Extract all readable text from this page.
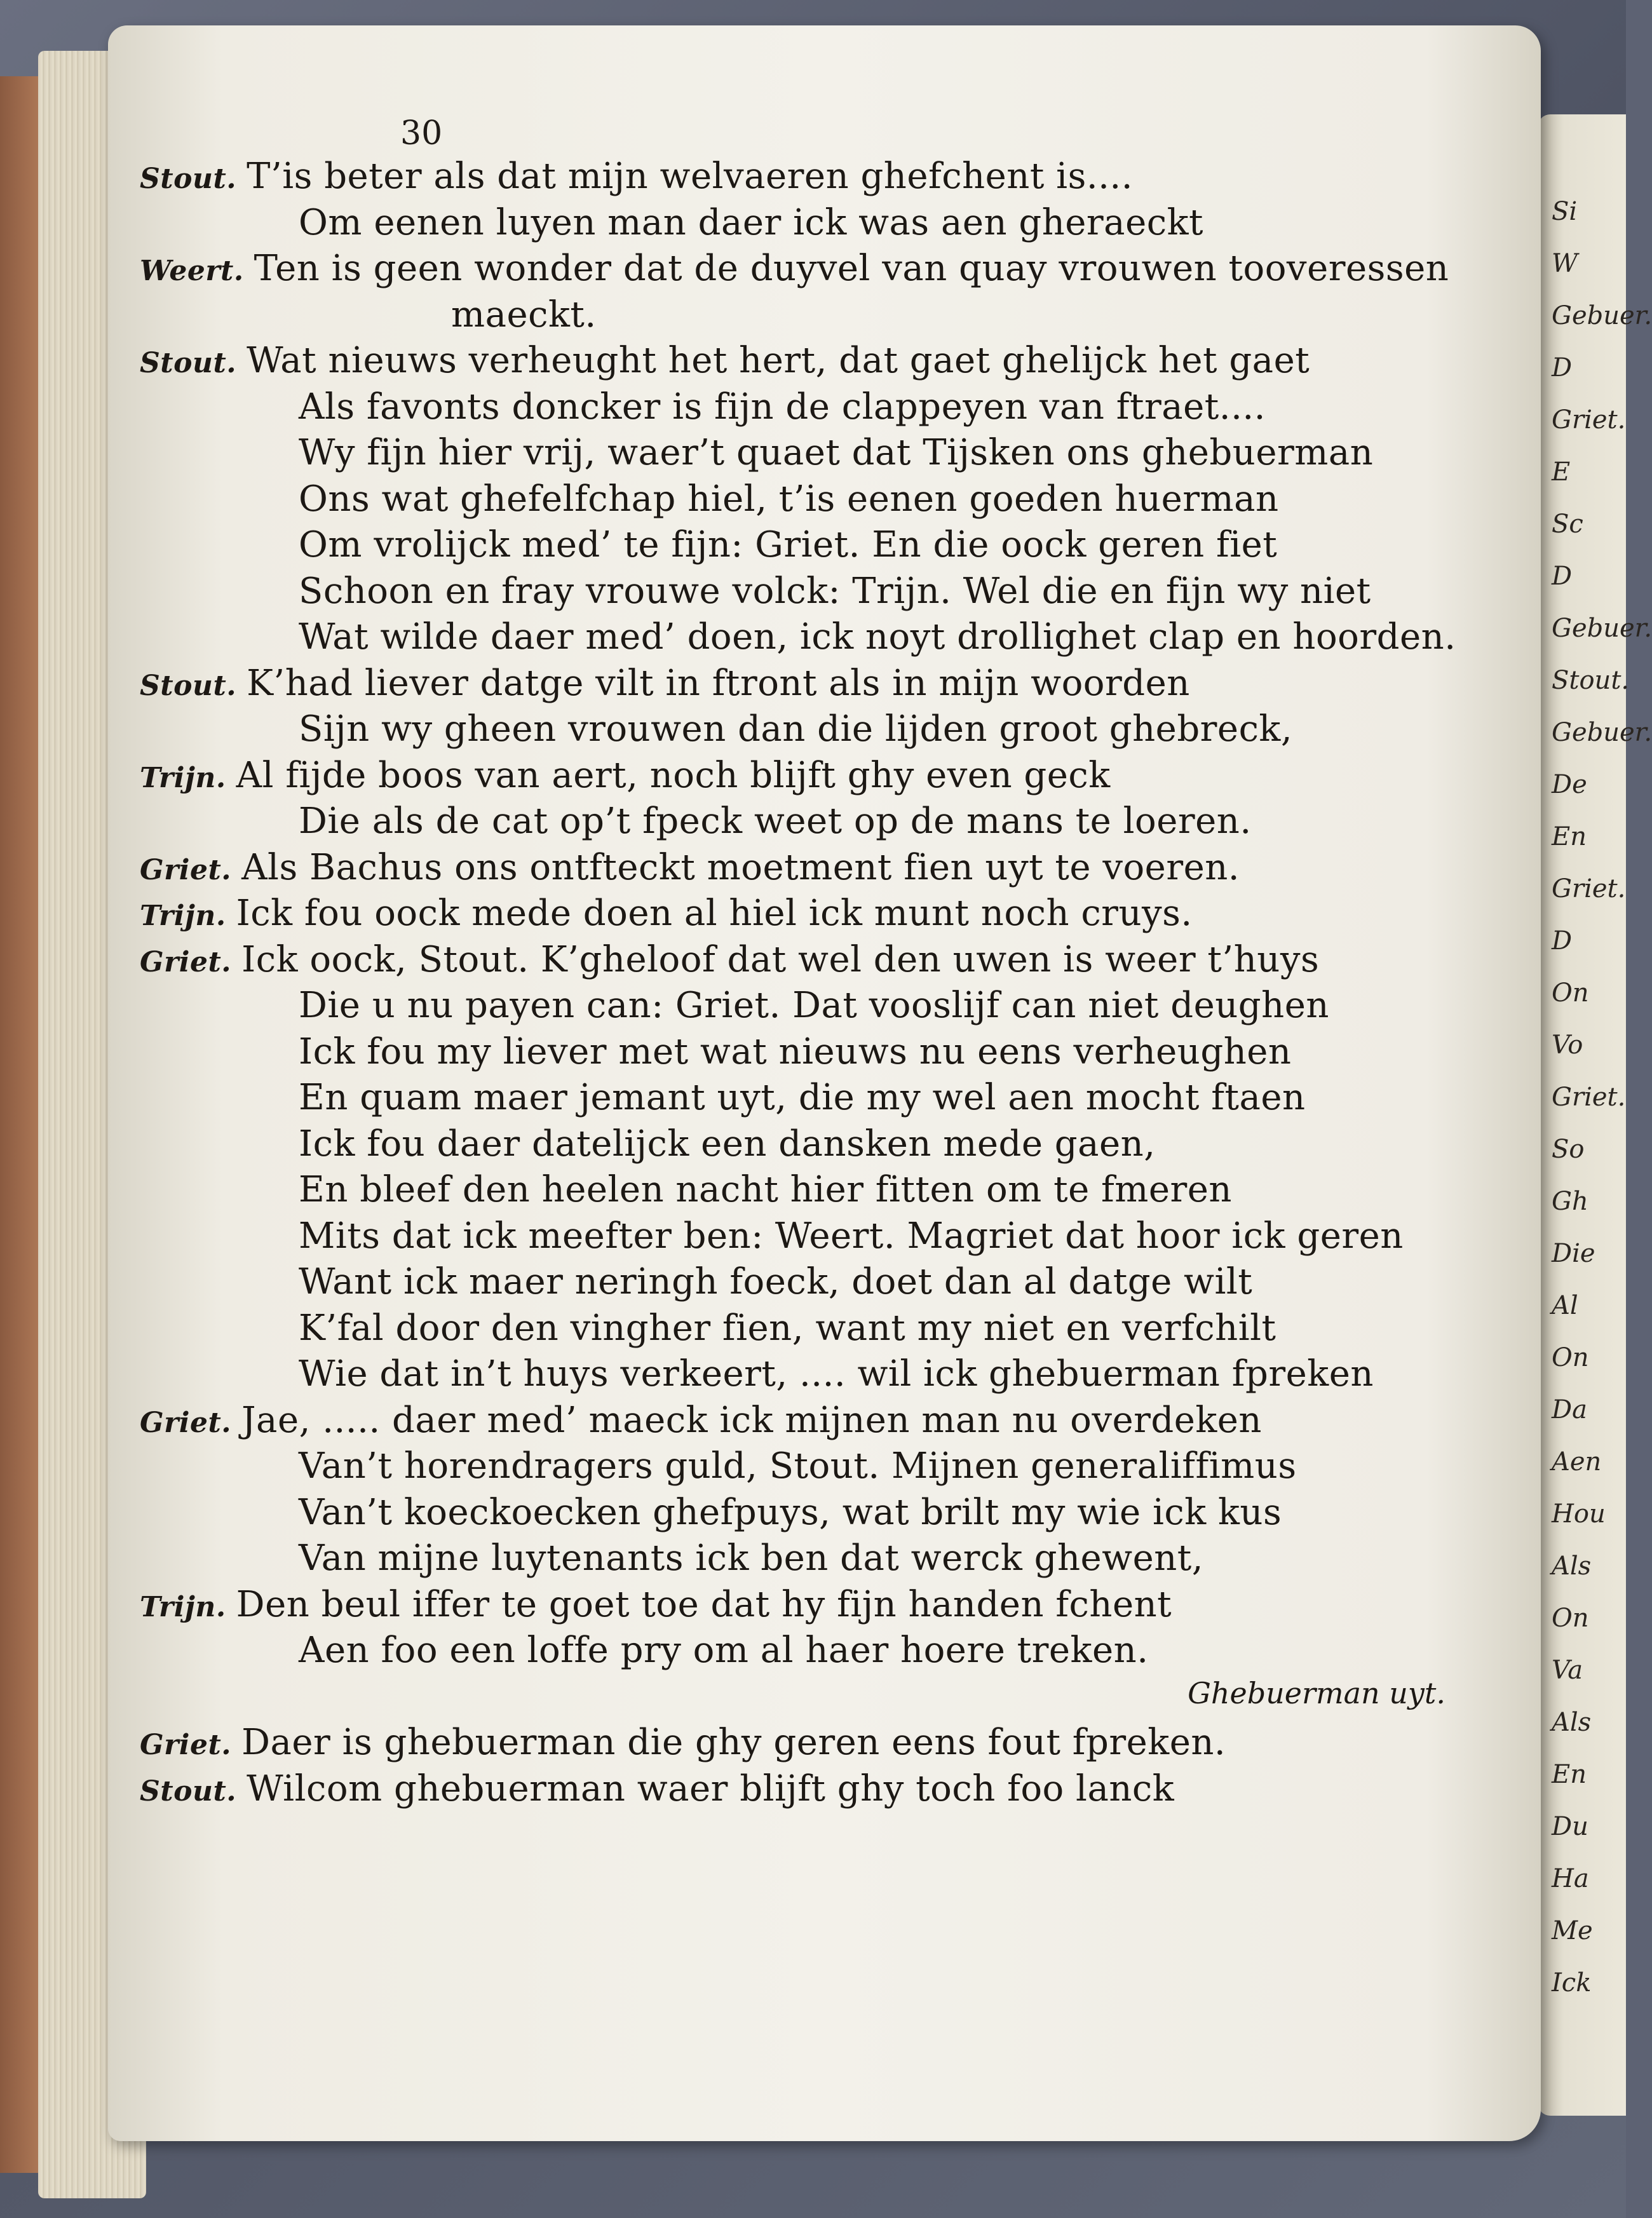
Si
W
Gebuer.
D
Griet.
E
Sc
D
Gebuer.
Stout.
Gebuer.
De
En
Griet.
D
On
Vo
Griet.
So
Gh
Die
Al
On
Da
Aen
Hou
Als
On
Va
Als
En
Du
Ha
Me
Ick
30
Stout. T’is beter als dat mijn welvaeren ghefchent is....
Om eenen luyen man daer ick was aen gheraeckt
Weert. Ten is geen wonder dat de duyvel van quay vrouwen tooveressen
maeckt.
Stout. Wat nieuws verheught het hert, dat gaet ghelijck het gaet
Als favonts doncker is fijn de clappeyen van ftraet....
Wy fijn hier vrij, waer’t quaet dat Tijsken ons ghebuerman
Ons wat ghefelfchap hiel, t’is eenen goeden huerman
Om vrolijck med’ te fijn: Griet. En die oock geren fiet
Schoon en fray vrouwe volck: Trijn. Wel die en fijn wy niet
Wat wilde daer med’ doen, ick noyt drollighet clap en hoorden.
Stout. K’had liever datge vilt in ftront als in mijn woorden
Sijn wy gheen vrouwen dan die lijden groot ghebreck,
Trijn. Al fijde boos van aert, noch blijft ghy even geck
Die als de cat op’t fpeck weet op de mans te loeren.
Griet. Als Bachus ons ontfteckt moetment fien uyt te voeren.
Trijn. Ick fou oock mede doen al hiel ick munt noch cruys.
Griet. Ick oock, Stout. K’gheloof dat wel den uwen is weer t’huys
Die u nu payen can: Griet. Dat vooslijf can niet deughen
Ick fou my liever met wat nieuws nu eens verheughen
En quam maer jemant uyt, die my wel aen mocht ftaen
Ick fou daer datelijck een dansken mede gaen,
En bleef den heelen nacht hier fitten om te fmeren
Mits dat ick meefter ben: Weert. Magriet dat hoor ick geren
Want ick maer neringh foeck, doet dan al datge wilt
K’fal door den vingher fien, want my niet en verfchilt
Wie dat in’t huys verkeert, .... wil ick ghebuerman fpreken
Griet. Jae, ..... daer med’ maeck ick mijnen man nu overdeken
Van’t horendragers guld, Stout. Mijnen generaliffimus
Van’t koeckoecken ghefpuys, wat brilt my wie ick kus
Van mijne luytenants ick ben dat werck ghewent,
Trijn. Den beul iffer te goet toe dat hy fijn handen fchent
Aen foo een loffe pry om al haer hoere treken.
Ghebuerman uyt.
Griet. Daer is ghebuerman die ghy geren eens fout fpreken.
Stout. Wilcom ghebuerman waer blijft ghy toch foo lanck
